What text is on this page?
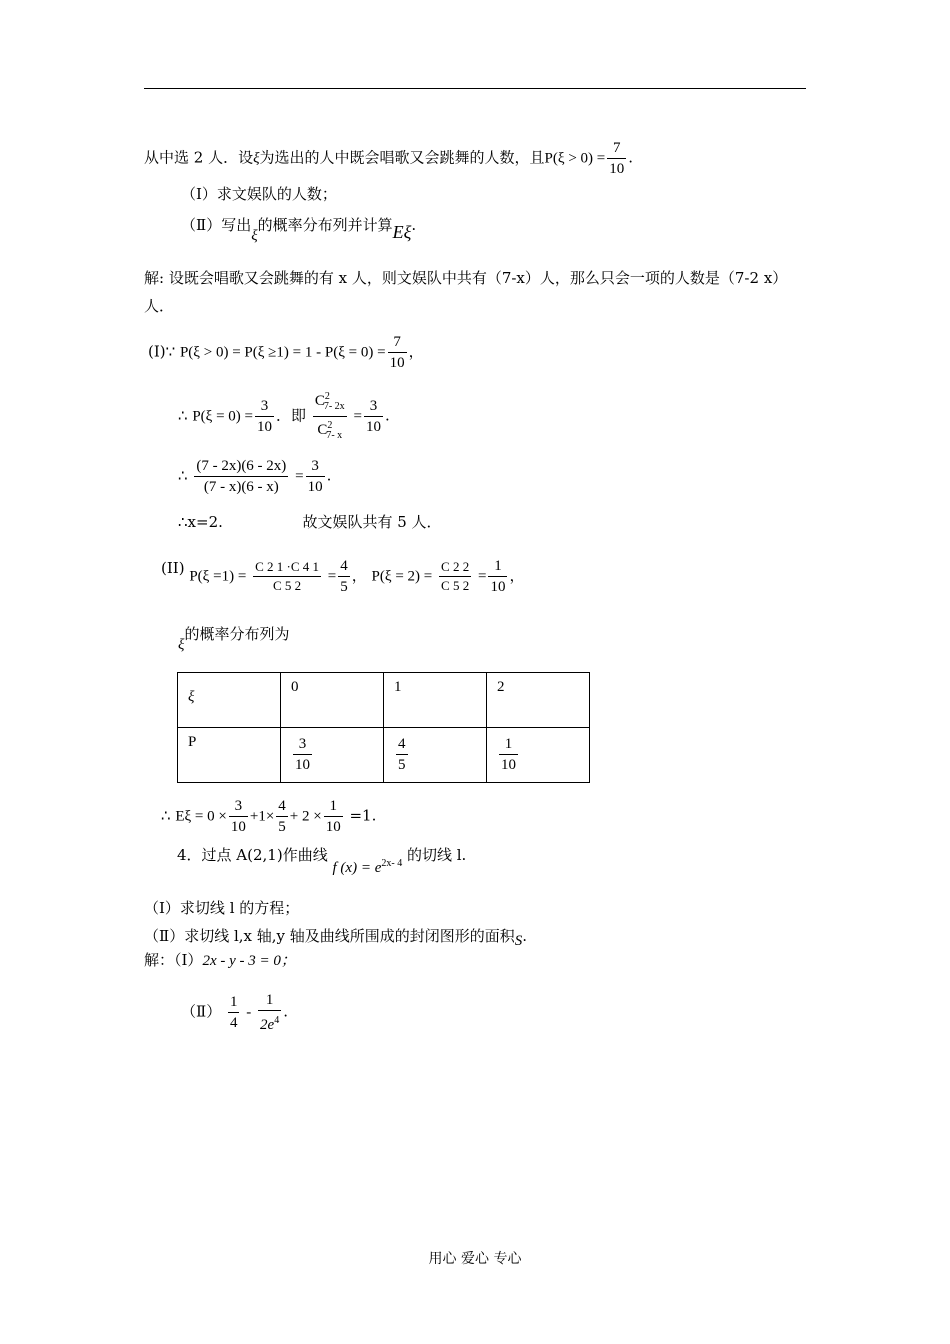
从中选 2 人．设ξ为选出的人中既会唱歌又会跳舞的人数，且$P(\xi > 0) = \frac{7}{10}$ .
（Ⅰ）求文娱队的人数；
（Ⅱ）写出ξ的概率分布列并计算Eξ.
解: 设既会唱歌又会跳舞的有 x 人，则文娱队中共有（7-x）人，那么只会一项的人数是（7-2 x）
人．
(I)∵ $P(\xi > 0) = P(\xi \ge 1) = 1 - P(\xi = 0) = \frac{7}{10}$ ，
∴ $P(\xi = 0) = \frac{3}{10}$ ．即 $\frac{C^2_{7- 2x}}{C^2_{7- x}} = \frac{3}{10}$ .
∴ $\frac{(7 - 2x)(6 - 2x)}{(7 - x)(6 - x)} = \frac{3}{10}$ .
∴x=2.	故文娱队共有 5 人．
(II) $P(\xi =1) = \frac{C 2 1 \cdot C 4 1}{C 5 2} = \frac{4}{5}$ ， $P(\xi = 2) = \frac{C 2 2}{C 5 2} = \frac{1}{10}$ ，
ξ的概率分布列为
ξ	0	1	2
P	$\frac{3}{10}$	$\frac{4}{5}$	$\frac{1}{10}$
∴ $E\xi = 0 \times \frac{3}{10} +1\times \frac{4}{5} + 2 \times \frac{1}{10} =1$.
4．过点 A(2,1)作曲线 f $(x) = e^{2x- 4}$ 的切线 l.
（Ⅰ）求切线 l 的方程；
（Ⅱ）求切线 l,x 轴,y 轴及曲线所围成的封闭图形的面积S.
解：（Ⅰ）2x - y - 3 = 0；
（Ⅱ） $\frac{1}{4} - \frac{1}{2e^4}$ .
用心 爱心 专心
